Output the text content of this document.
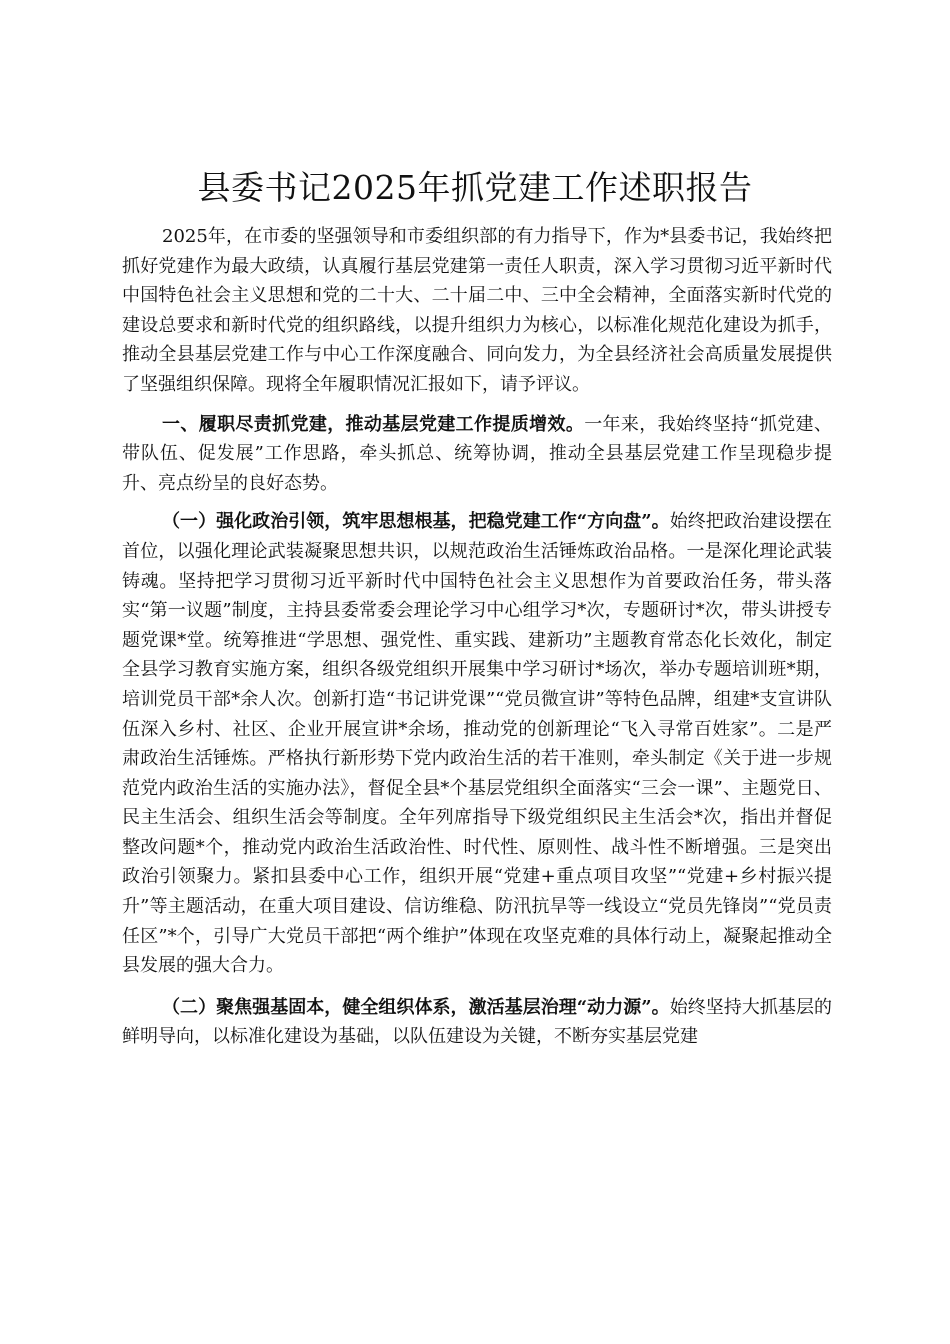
县委书记2025年抓党建工作述职报告

2025年，在市委的坚强领导和市委组织部的有力指导下，作为*县委书记，我始终把抓好党建作为最大政绩，认真履行基层党建第一责任人职责，深入学习贯彻习近平新时代中国特色社会主义思想和党的二十大、二十届二中、三中全会精神，全面落实新时代党的建设总要求和新时代党的组织路线，以提升组织力为核心，以标准化规范化建设为抓手，推动全县基层党建工作与中心工作深度融合、同向发力，为全县经济社会高质量发展提供了坚强组织保障。现将全年履职情况汇报如下，请予评议。

一、履职尽责抓党建，推动基层党建工作提质增效。一年来，我始终坚持“抓党建、带队伍、促发展”工作思路，牵头抓总、统筹协调，推动全县基层党建工作呈现稳步提升、亮点纷呈的良好态势。

（一）强化政治引领，筑牢思想根基，把稳党建工作“方向盘”。始终把政治建设摆在首位，以强化理论武装凝聚思想共识，以规范政治生活锤炼政治品格。一是深化理论武装铸魂。坚持把学习贯彻习近平新时代中国特色社会主义思想作为首要政治任务，带头落实“第一议题”制度，主持县委常委会理论学习中心组学习*次，专题研讨*次，带头讲授专题党课*堂。统筹推进“学思想、强党性、重实践、建新功”主题教育常态化长效化，制定全县学习教育实施方案，组织各级党组织开展集中学习研讨*场次，举办专题培训班*期，培训党员干部*余人次。创新打造“书记讲党课”“党员微宣讲”等特色品牌，组建*支宣讲队伍深入乡村、社区、企业开展宣讲*余场，推动党的创新理论“飞入寻常百姓家”。二是严肃政治生活锤炼。严格执行新形势下党内政治生活的若干准则，牵头制定《关于进一步规范党内政治生活的实施办法》，督促全县*个基层党组织全面落实“三会一课”、主题党日、民主生活会、组织生活会等制度。全年列席指导下级党组织民主生活会*次，指出并督促整改问题*个，推动党内政治生活政治性、时代性、原则性、战斗性不断增强。三是突出政治引领聚力。紧扣县委中心工作，组织开展“党建+重点项目攻坚”“党建+乡村振兴提升”等主题活动，在重大项目建设、信访维稳、防汛抗旱等一线设立“党员先锋岗”“党员责任区”*个，引导广大党员干部把“两个维护”体现在攻坚克难的具体行动上，凝聚起推动全县发展的强大合力。

（二）聚焦强基固本，健全组织体系，激活基层治理“动力源”。始终坚持大抓基层的鲜明导向，以标准化建设为基础，以队伍建设为关键，不断夯实基层党建
